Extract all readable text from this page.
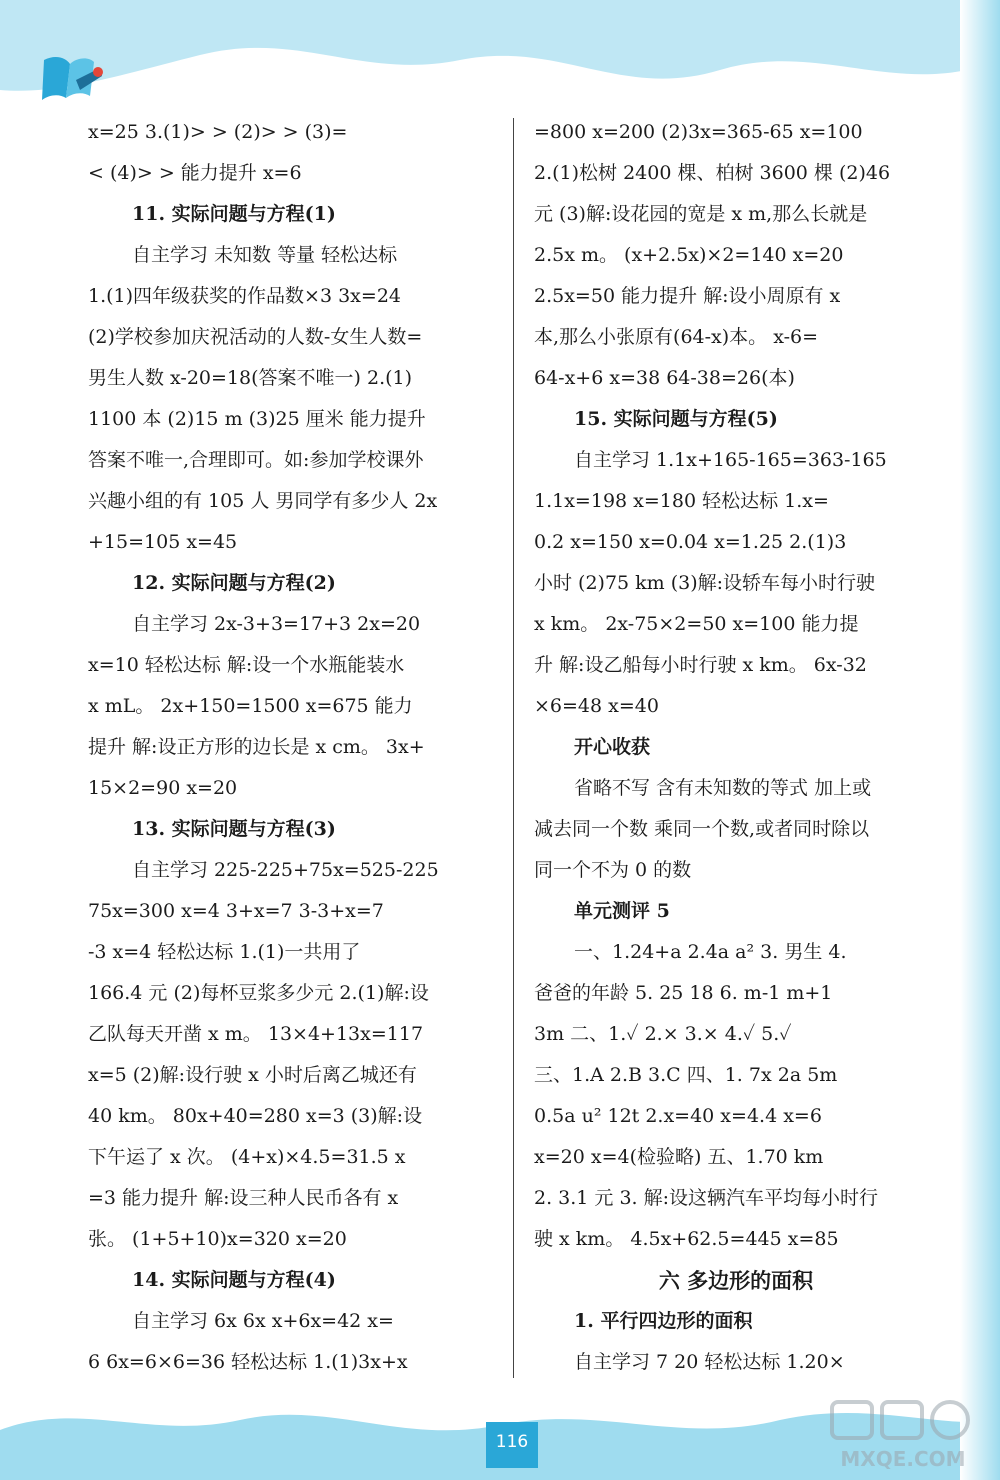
x=25 3.(1)> > (2)> > (3)=
< (4)> > 能力提升 x=6
11. 实际问题与方程(1)
自主学习 未知数 等量 轻松达标
1.(1)四年级获奖的作品数×3 3x=24
(2)学校参加庆祝活动的人数-女生人数=
男生人数 x-20=18(答案不唯一) 2.(1)
1100 本 (2)15 m (3)25 厘米 能力提升
答案不唯一,合理即可。如:参加学校课外
兴趣小组的有 105 人 男同学有多少人 2x
+15=105 x=45
12. 实际问题与方程(2)
自主学习 2x-3+3=17+3 2x=20
x=10 轻松达标 解:设一个水瓶能装水
x mL。 2x+150=1500 x=675 能力
提升 解:设正方形的边长是 x cm。 3x+
15×2=90 x=20
13. 实际问题与方程(3)
自主学习 225-225+75x=525-225
75x=300 x=4 3+x=7 3-3+x=7
-3 x=4 轻松达标 1.(1)一共用了
166.4 元 (2)每杯豆浆多少元 2.(1)解:设
乙队每天开凿 x m。 13×4+13x=117
x=5 (2)解:设行驶 x 小时后离乙城还有
40 km。 80x+40=280 x=3 (3)解:设
下午运了 x 次。 (4+x)×4.5=31.5 x
=3 能力提升 解:设三种人民币各有 x
张。 (1+5+10)x=320 x=20
14. 实际问题与方程(4)
自主学习 6x 6x x+6x=42 x=
6 6x=6×6=36 轻松达标 1.(1)3x+x
=800 x=200 (2)3x=365-65 x=100
2.(1)松树 2400 棵、柏树 3600 棵 (2)46
元 (3)解:设花园的宽是 x m,那么长就是
2.5x m。 (x+2.5x)×2=140 x=20
2.5x=50 能力提升 解:设小周原有 x
本,那么小张原有(64-x)本。 x-6=
64-x+6 x=38 64-38=26(本)
15. 实际问题与方程(5)
自主学习 1.1x+165-165=363-165
1.1x=198 x=180 轻松达标 1.x=
0.2 x=150 x=0.04 x=1.25 2.(1)3
小时 (2)75 km (3)解:设轿车每小时行驶
x km。 2x-75×2=50 x=100 能力提
升 解:设乙船每小时行驶 x km。 6x-32
×6=48 x=40
开心收获
省略不写 含有未知数的等式 加上或
减去同一个数 乘同一个数,或者同时除以
同一个不为 0 的数
单元测评 5
一、1.24+a 2.4a a² 3. 男生 4.
爸爸的年龄 5. 25 18 6. m-1 m+1
3m 二、1.✓ 2.× 3.× 4.✓ 5.✓
三、1.A 2.B 3.C 四、1. 7x 2a 5m
0.5a u² 12t 2.x=40 x=4.4 x=6
x=20 x=4(检验略) 五、1.70 km
2. 3.1 元 3. 解:设这辆汽车平均每小时行
驶 x km。 4.5x+62.5=445 x=85
六 多边形的面积
1. 平行四边形的面积
自主学习 7 20 轻松达标 1.20×
116
MXQE.COM
